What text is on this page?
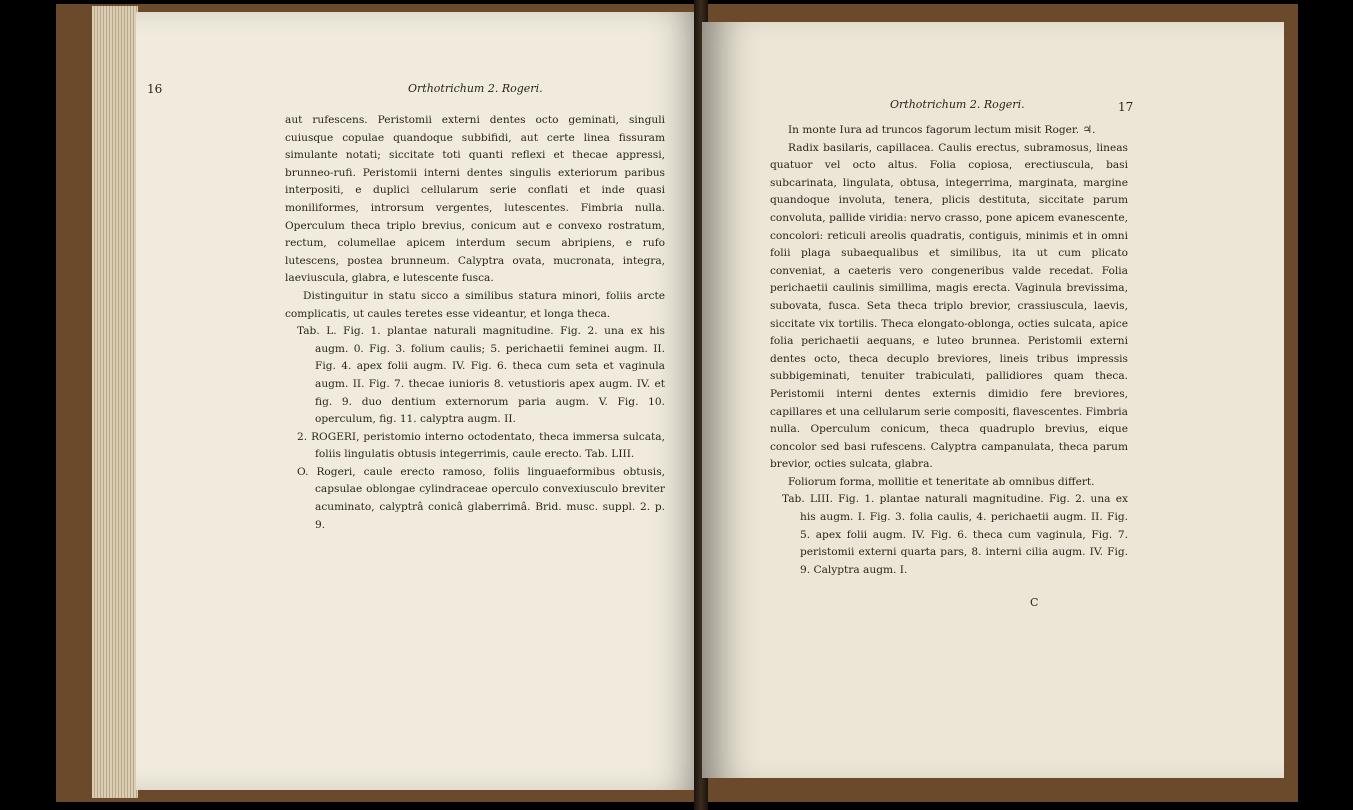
16	Orthotrichum 2. Rogeri.

aut rufescens. Peristomii externi dentes octo geminati, singuli cuiusque copulae quandoque subbifidi, aut certe linea fissuram simulante notati; siccitate toti quanti reflexi et thecae appressi, brunneo-rufi. Peristomii interni dentes singulis exteriorum paribus interpositi, e duplici cellularum serie conflati et inde quasi moniliformes, introrsum vergentes, lutescentes. Fimbria nulla. Operculum theca triplo brevius, conicum aut e convexo rostratum, rectum, columellae apicem interdum secum abripiens, e rufo lutescens, postea brunneum. Calyptra ovata, mucronata, integra, laeviuscula, glabra, e lutescente fusca.

Distinguitur in statu sicco a similibus statura minori, foliis arcte complicatis, ut caules teretes esse videantur, et longa theca.

Tab. L. Fig. 1. plantae naturali magnitudine. Fig. 2. una ex his augm. 0. Fig. 3. folium caulis; 5. perichaetii feminei augm. II. Fig. 4. apex folii augm. IV. Fig. 6. theca cum seta et vaginula augm. II. Fig. 7. thecae iunioris 8. vetustioris apex augm. IV. et fig. 9. duo dentium externorum paria augm. V. Fig. 10. operculum, fig. 11. calyptra augm. II.

2. ROGERI, peristomio interno octodentato, theca immersa sulcata, foliis lingulatis obtusis integerrimis, caule erecto. Tab. LIII.

O. Rogeri, caule erecto ramoso, foliis linguaeformibus obtusis, capsulae oblongae cylindraceae operculo convexiusculo breviter acuminato, calyptrâ conicâ glaberrimâ. Brid. musc. suppl. 2. p. 9.

Orthotrichum 2. Rogeri.	17

In monte Iura ad truncos fagorum lectum misit Roger. ♃.

Radix basilaris, capillacea. Caulis erectus, subramosus, lineas quatuor vel octo altus. Folia copiosa, erectiuscula, basi subcarinata, lingulata, obtusa, integerrima, marginata, margine quandoque involuta, tenera, plicis destituta, siccitate parum convoluta, pallide viridia: nervo crasso, pone apicem evanescente, concolori: reticuli areolis quadratis, contiguis, minimis et in omni folii plaga subaequalibus et similibus, ita ut cum plicato conveniat, a caeteris vero congeneribus valde recedat. Folia perichaetii caulinis simillima, magis erecta. Vaginula brevissima, subovata, fusca. Seta theca triplo brevior, crassiuscula, laevis, siccitate vix tortilis. Theca elongato-oblonga, octies sulcata, apice folia perichaetii aequans, e luteo brunnea. Peristomii externi dentes octo, theca decuplo breviores, lineis tribus impressis subbigeminati, tenuiter trabiculati, pallidiores quam theca. Peristomii interni dentes externis dimidio fere breviores, capillares et una cellularum serie compositi, flavescentes. Fimbria nulla. Operculum conicum, theca quadruplo brevius, eique concolor sed basi rufescens. Calyptra campanulata, theca parum brevior, octies sulcata, glabra.

Foliorum forma, mollitie et teneritate ab omnibus differt.

Tab. LIII. Fig. 1. plantae naturali magnitudine. Fig. 2. una ex his augm. I. Fig. 3. folia caulis, 4. perichaetii augm. II. Fig. 5. apex folii augm. IV. Fig. 6. theca cum vaginula, Fig. 7. peristomii externi quarta pars, 8. interni cilia augm. IV. Fig. 9. Calyptra augm. I.

C
